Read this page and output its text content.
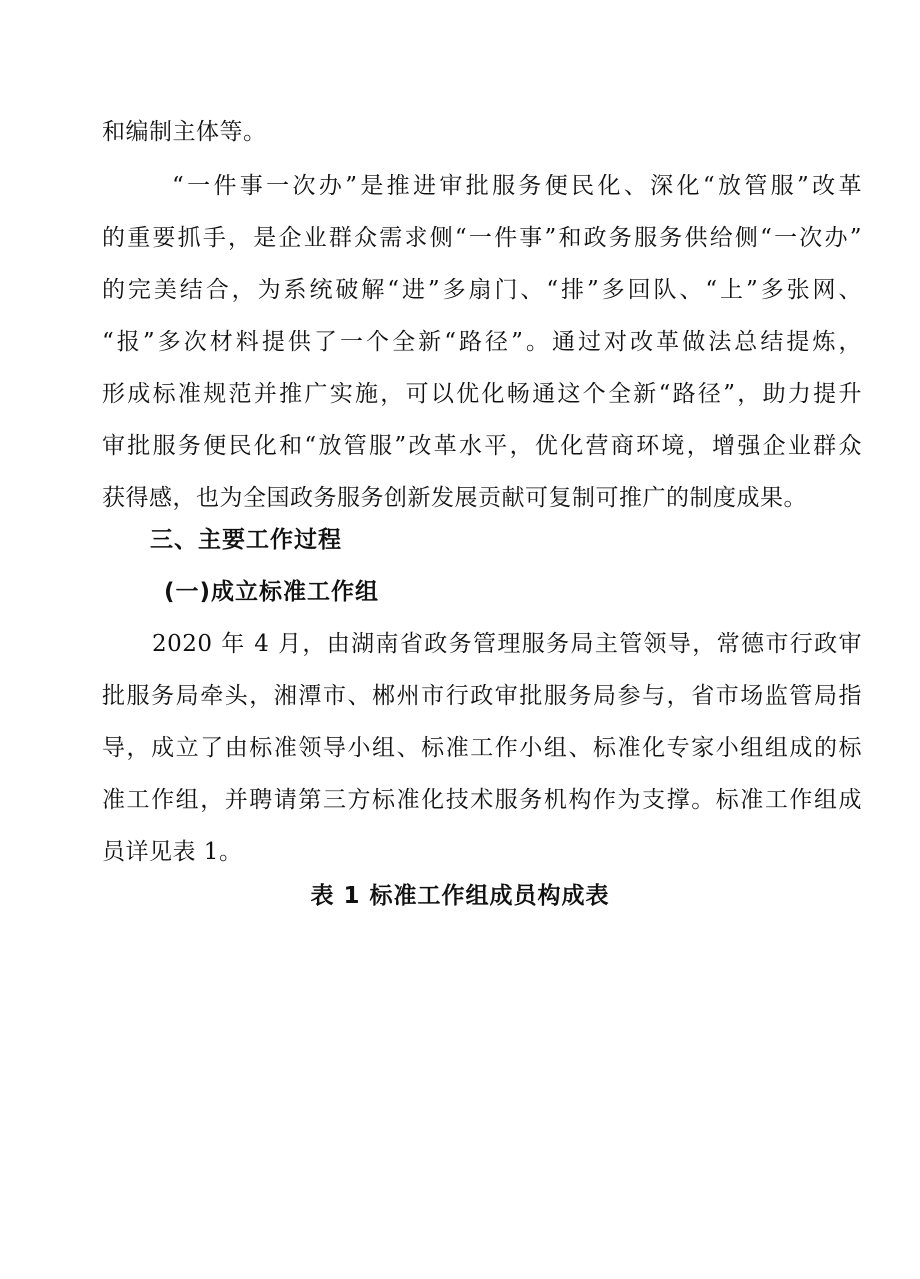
和编制主体等。
“一件事一次办”是推进审批服务便民化、深化“放管服”改革
的重要抓手，是企业群众需求侧“一件事”和政务服务供给侧“一次办”
的完美结合，为系统破解“进”多扇门、“排”多回队、“上”多张网、
“报”多次材料提供了一个全新“路径”。通过对改革做法总结提炼，
形成标准规范并推广实施，可以优化畅通这个全新“路径”，助力提升
审批服务便民化和“放管服”改革水平，优化营商环境，增强企业群众
获得感，也为全国政务服务创新发展贡献可复制可推广的制度成果。
三、主要工作过程
(一)成立标准工作组
2020 年 4 月，由湖南省政务管理服务局主管领导，常德市行政审
批服务局牵头，湘潭市、郴州市行政审批服务局参与，省市场监管局指
导，成立了由标准领导小组、标准工作小组、标准化专家小组组成的标
准工作组，并聘请第三方标准化技术服务机构作为支撑。标准工作组成
员详见表 1。
表 1 标准工作组成员构成表
